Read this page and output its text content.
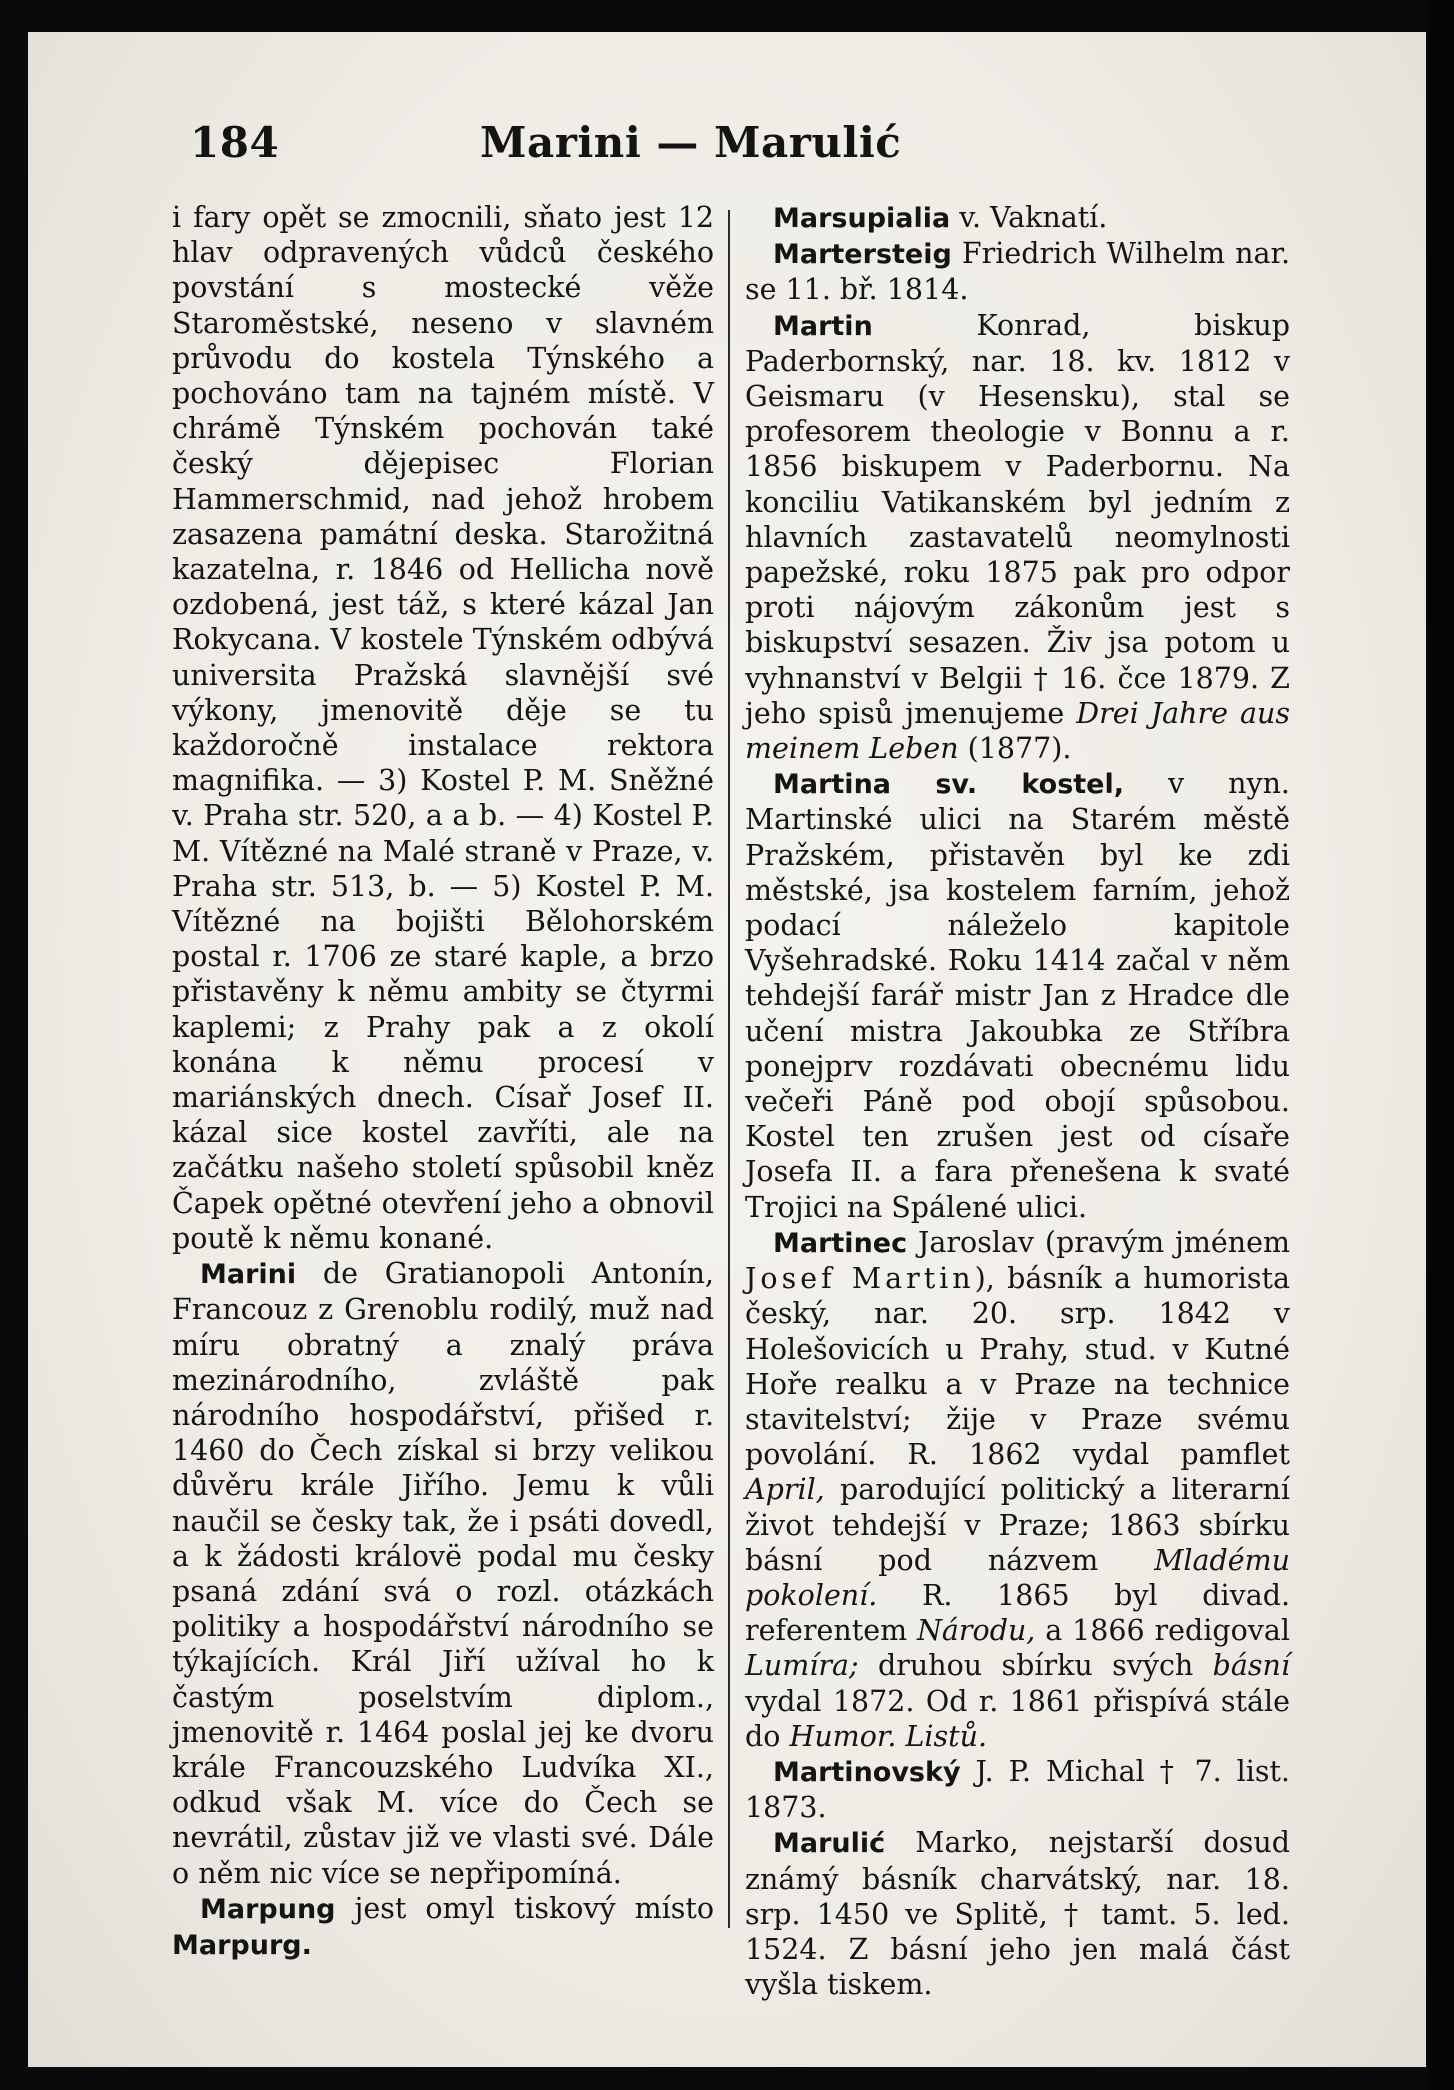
184	Marini — Marulić

i fary opět se zmocnili, sňato jest 12 hlav odpravených vůdců českého povstání s mostecké věže Staroměstské, neseno v slavném průvodu do kostela Týnského a pochováno tam na tajném místě. V chrámě Týnském pochován také český dějepisec Florian Hammerschmid, nad jehož hrobem zasazena památní deska. Starožitná kazatelna, r. 1846 od Hellicha nově ozdobená, jest táž, s které kázal Jan Rokycana. V kostele Týnském odbývá universita Pražská slavnější své výkony, jmenovitě děje se tu každoročně instalace rektora magnifika. — 3) Kostel P. M. Sněžné v. Praha str. 520, a a b. — 4) Kostel P. M. Vítězné na Malé straně v Praze, v. Praha str. 513, b. — 5) Kostel P. M. Vítězné na bojišti Bělohorském postal r. 1706 ze staré kaple, a brzo přistavěny k němu ambity se čtyrmi kaplemi; z Prahy pak a z okolí konána k němu procesí v mariánských dnech. Císař Josef II. kázal sice kostel zavříti, ale na začátku našeho století spůsobil kněz Čapek opětné otevření jeho a obnovil poutě k němu konané.

Marini de Gratianopoli Antonín, Francouz z Grenoblu rodilý, muž nad míru obratný a znalý práva mezinárodního, zvláště pak národního hospodářství, přišed r. 1460 do Čech získal si brzy velikou důvěru krále Jiřího. Jemu k vůli naučil se česky tak, že i psáti dovedl, a k žádosti královë podal mu česky psaná zdání svá o rozl. otázkách politiky a hospodářství národního se týkajících. Král Jiří užíval ho k častým poselstvím diplom., jmenovitě r. 1464 poslal jej ke dvoru krále Francouzského Ludvíka XI., odkud však M. více do Čech se nevrátil, zůstav již ve vlasti své. Dále o něm nic více se nepřipomíná.

Marpung jest omyl tiskový místo Marpurg.

Marsupialia v. Vaknatí.

Martersteig Friedrich Wilhelm nar. se 11. bř. 1814.

Martin Konrad, biskup Paderbornský, nar. 18. kv. 1812 v Geismaru (v Hesensku), stal se profesorem theologie v Bonnu a r. 1856 biskupem v Paderbornu. Na konciliu Vatikanském byl jedním z hlavních zastavatelů neomylnosti papežské, roku 1875 pak pro odpor proti nájovým zákonům jest s biskupství sesazen. Živ jsa potom u vyhnanství v Belgii † 16. čce 1879. Z jeho spisů jmenujeme Drei Jahre aus meinem Leben (1877).

Martina sv. kostel, v nyn. Martinské ulici na Starém městě Pražském, přistavěn byl ke zdi městské, jsa kostelem farním, jehož podací náleželo kapitole Vyšehradské. Roku 1414 začal v něm tehdejší farář mistr Jan z Hradce dle učení mistra Jakoubka ze Stříbra ponejprv rozdávati obecnému lidu večeři Páně pod obojí spůsobou. Kostel ten zrušen jest od císaře Josefa II. a fara přenešena k svaté Trojici na Spálené ulici.

Martinec Jaroslav (pravým jménem Josef Martin), básník a humorista český, nar. 20. srp. 1842 v Holešovicích u Prahy, stud. v Kutné Hoře realku a v Praze na technice stavitelství; žije v Praze svému povolání. R. 1862 vydal pamflet April, parodující politický a literarní život tehdejší v Praze; 1863 sbírku básní pod názvem Mladému pokolení. R. 1865 byl divad. referentem Národu, a 1866 redigoval Lumíra; druhou sbírku svých básní vydal 1872. Od r. 1861 přispívá stále do Humor. Listů.

Martinovský J. P. Michal † 7. list. 1873.

Marulić Marko, nejstarší dosud známý básník charvátský, nar. 18. srp. 1450 ve Splitě, † tamt. 5. led. 1524. Z básní jeho jen malá část vyšla tiskem.
